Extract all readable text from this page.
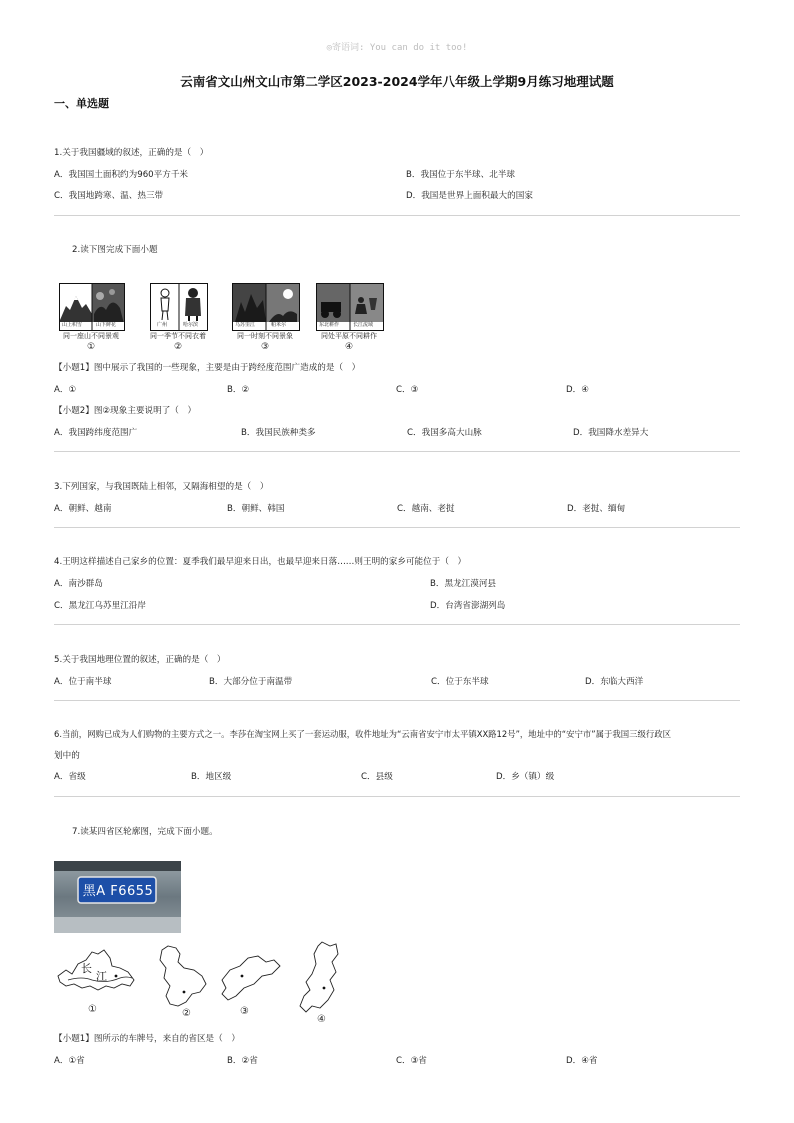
◎寄语词: You can do it too!
云南省文山州文山市第二学区2023-2024学年八年级上学期9月练习地理试题
一、单选题
1.关于我国疆域的叙述，正确的是（　）
A．我国国土面积约为960平方千米	B．我国位于东半球、北半球
C．我国地跨寒、温、热三带	D．我国是世界上面积最大的国家
2.读下图完成下面小题
山上积雪	山下鲜花
同一座山不同景观
①
广州	哈尔滨
同一季节不同衣着
②
乌苏里江	帕米尔
同一时刻不同景象
③
东北耕作	长江流域
同处平原不同耕作
④
【小题1】图中展示了我国的一些现象，主要是由于跨经度范围广造成的是（　）
A．①	B．②	C．③	D．④
【小题2】图②现象主要说明了（　）
A．我国跨纬度范围广	B．我国民族种类多	C．我国多高大山脉	D．我国降水差异大
3.下列国家，与我国既陆上相邻，又隔海相望的是（　）
A．朝鲜、越南	B．朝鲜、韩国	C．越南、老挝	D．老挝、缅甸
4.王明这样描述自己家乡的位置：夏季我们最早迎来日出，也最早迎来日落……则王明的家乡可能位于（　）
A．南沙群岛	B．黑龙江漠河县
C．黑龙江乌苏里江沿岸	D．台湾省澎湖列岛
5.关于我国地理位置的叙述，正确的是（　）
A．位于南半球	B．大部分位于南温带	C．位于东半球	D．东临大西洋
6.当前，网购已成为人们购物的主要方式之一。李莎在淘宝网上买了一套运动服，收件地址为“云南省安宁市太平镇XX路12号”，地址中的“安宁市”属于我国三级行政区
划中的
A．省级	B．地区级	C．县级	D．乡（镇）级
7.读某四省区轮廓图，完成下面小题。
黑A F6655
长
江
①	②	③
④
【小题1】图所示的车牌号，来自的省区是（　）
A．①省	B．②省	C．③省	D．④省
